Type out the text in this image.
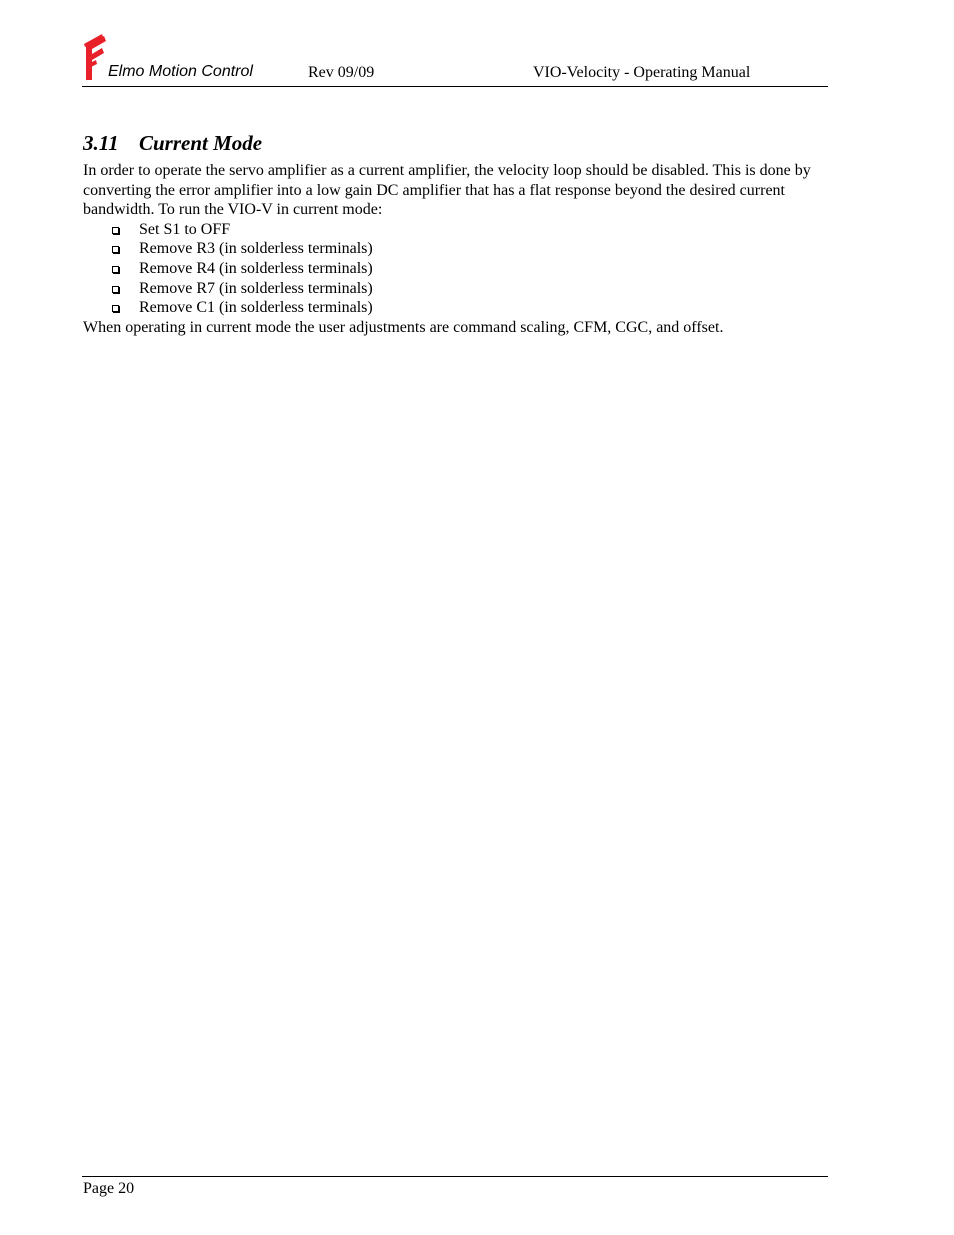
Elmo Motion Control	Rev 09/09	VIO-Velocity - Operating Manual
3.11 Current Mode

In order to operate the servo amplifier as a current amplifier, the velocity loop should be disabled. This is done by converting the error amplifier into a low gain DC amplifier that has a flat response beyond the desired current bandwidth. To run the VIO-V in current mode:

Set S1 to OFF
Remove R3 (in solderless terminals)
Remove R4 (in solderless terminals)
Remove R7 (in solderless terminals)
Remove C1 (in solderless terminals)

When operating in current mode the user adjustments are command scaling, CFM, CGC, and offset.

Page 20
